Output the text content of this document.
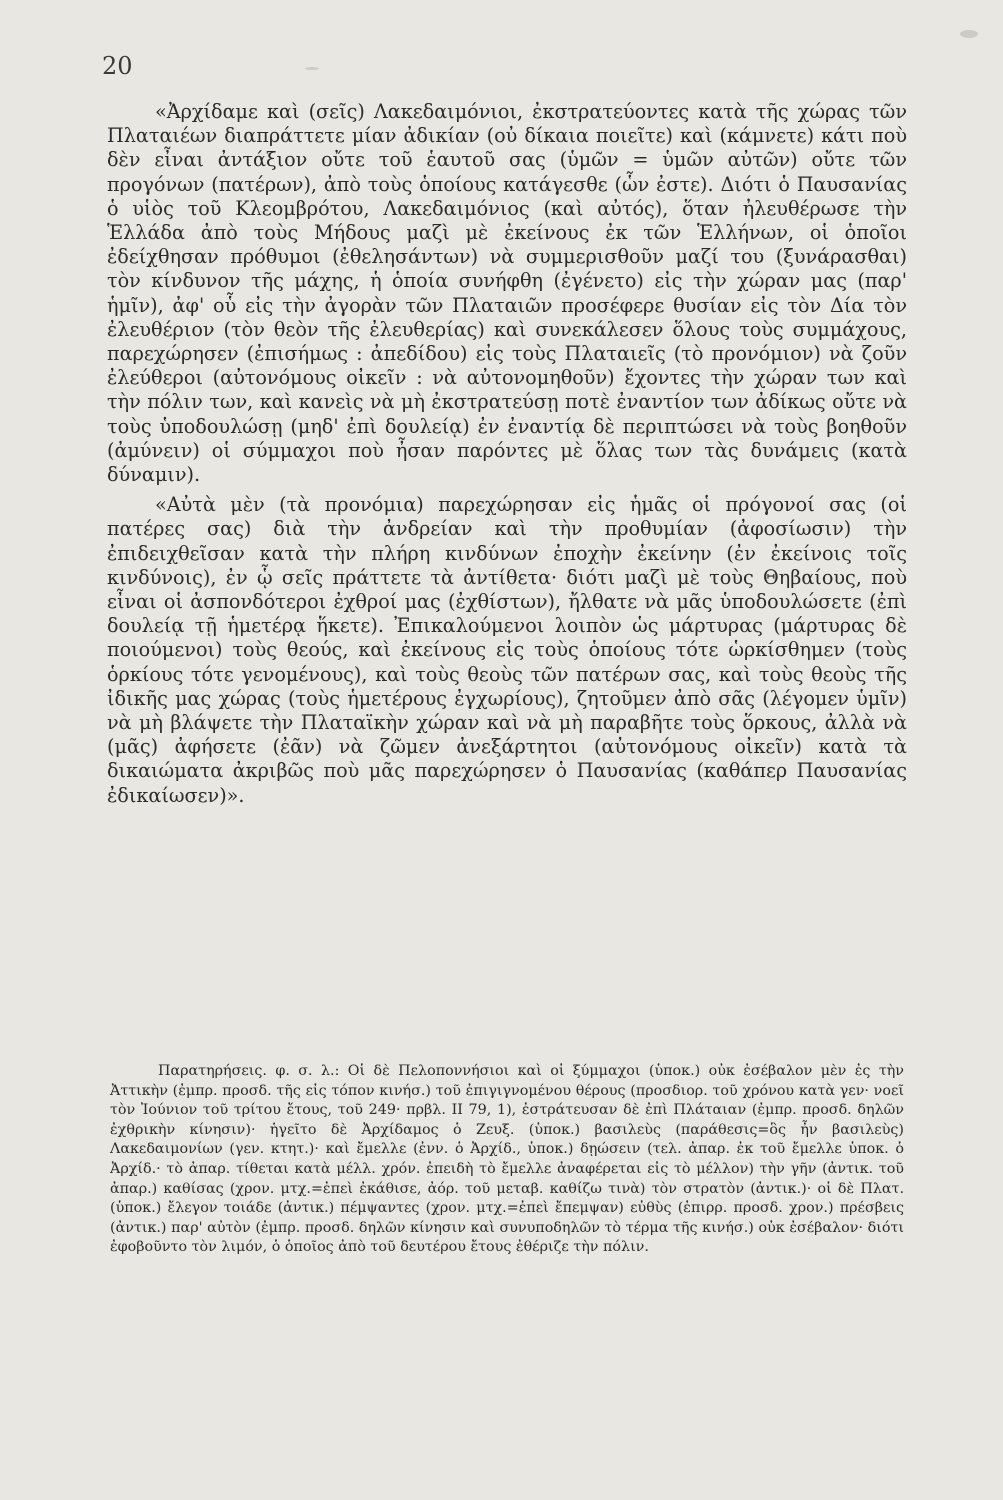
20

«Ἀρχίδαμε καὶ (σεῖς) Λακεδαιμόνιοι, ἐκστρατεύοντες κατὰ τῆς χώρας τῶν Πλαταιέων διαπράττετε μίαν ἀδικίαν (οὐ δίκαια ποιεῖτε) καὶ (κάμνετε) κάτι ποὺ δὲν εἶναι ἀντάξιον οὔτε τοῦ ἑαυτοῦ σας (ὑμῶν = ὑμῶν αὐτῶν) οὔτε τῶν προγόνων (πατέρων), ἀπὸ τοὺς ὁποίους κατάγεσθε (ὧν ἐστε). Διότι ὁ Παυσανίας ὁ υἱὸς τοῦ Κλεομβρότου, Λακεδαιμόνιος (καὶ αὐτός), ὅταν ἠλευθέρωσε τὴν Ἑλλάδα ἀπὸ τοὺς Μήδους μαζὶ μὲ ἐκείνους ἐκ τῶν Ἑλλήνων, οἱ ὁποῖοι ἐδείχθησαν πρόθυμοι (ἐθελησάντων) νὰ συμμερισθοῦν μαζί του (ξυνάρασθαι) τὸν κίνδυνον τῆς μάχης, ἡ ὁποία συνήφθη (ἐγένετο) εἰς τὴν χώραν μας (παρ' ἡμῖν), ἀφ' οὗ εἰς τὴν ἀγορὰν τῶν Πλαταιῶν προσέφερε θυσίαν εἰς τὸν Δία τὸν ἐλευθέριον (τὸν θεὸν τῆς ἐλευθερίας) καὶ συνεκάλεσεν ὅλους τοὺς συμμάχους, παρεχώρησεν (ἐπισήμως : ἀπεδίδου) εἰς τοὺς Πλαταιεῖς (τὸ προνόμιον) νὰ ζοῦν ἐλεύθεροι (αὐτονόμους οἰκεῖν : νὰ αὐτονομηθοῦν) ἔχοντες τὴν χώραν των καὶ τὴν πόλιν των, καὶ κανεὶς νὰ μὴ ἐκστρατεύσῃ ποτὲ ἐναντίον των ἀδίκως οὔτε νὰ τοὺς ὑποδουλώσῃ (μηδ' ἐπὶ δουλείᾳ) ἐν ἐναντίᾳ δὲ περιπτώσει νὰ τοὺς βοηθοῦν (ἀμύνειν) οἱ σύμμαχοι ποὺ ἦσαν παρόντες μὲ ὅλας των τὰς δυνάμεις (κατὰ δύναμιν).

«Αὐτὰ μὲν (τὰ προνόμια) παρεχώρησαν εἰς ἡμᾶς οἱ πρόγονοί σας (οἱ πατέρες σας) διὰ τὴν ἀνδρείαν καὶ τὴν προθυμίαν (ἀφοσίωσιν) τὴν ἐπιδειχθεῖσαν κατὰ τὴν πλήρη κινδύνων ἐποχὴν ἐκείνην (ἐν ἐκείνοις τοῖς κινδύνοις), ἐν ᾧ σεῖς πράττετε τὰ ἀντίθετα· διότι μαζὶ μὲ τοὺς Θηβαίους, ποὺ εἶναι οἱ ἀσπονδότεροι ἐχθροί μας (ἐχθίστων), ἤλθατε νὰ μᾶς ὑποδουλώσετε (ἐπὶ δουλείᾳ τῇ ἡμετέρᾳ ἥκετε). Ἐπικαλούμενοι λοιπὸν ὡς μάρτυρας (μάρτυρας δὲ ποιούμενοι) τοὺς θεούς, καὶ ἐκείνους εἰς τοὺς ὁποίους τότε ὡρκίσθημεν (τοὺς ὁρκίους τότε γενομένους), καὶ τοὺς θεοὺς τῶν πατέρων σας, καὶ τοὺς θεοὺς τῆς ἰδικῆς μας χώρας (τοὺς ἡμετέρους ἐγχωρίους), ζητοῦμεν ἀπὸ σᾶς (λέγομεν ὑμῖν) νὰ μὴ βλάψετε τὴν Πλαταϊκὴν χώραν καὶ νὰ μὴ παραβῆτε τοὺς ὅρκους, ἀλλὰ νὰ (μᾶς) ἀφήσετε (ἐᾶν) νὰ ζῶμεν ἀνεξάρτητοι (αὐτονόμους οἰκεῖν) κατὰ τὰ δικαιώματα ἀκριβῶς ποὺ μᾶς παρεχώρησεν ὁ Παυσανίας (καθάπερ Παυσανίας ἐδικαίωσεν)».

Παρατηρήσεις. φ. σ. λ.: Οἱ δὲ Πελοποννήσιοι καὶ οἱ ξύμμαχοι (ὑποκ.) οὐκ ἐσέβαλον μὲν ἐς τὴν Ἀττικὴν (ἐμπρ. προσδ. τῆς εἰς τόπον κινήσ.) τοῦ ἐπιγιγνομένου θέρους (προσδιορ. τοῦ χρόνου κατὰ γεν· νοεῖ τὸν Ἰούνιον τοῦ τρίτου ἔτους, τοῦ 249· πρβλ. II 79, 1), ἐστράτευσαν δὲ ἐπὶ Πλάταιαν (ἐμπρ. προσδ. δηλῶν ἐχθρικὴν κίνησιν)· ἡγεῖτο δὲ Ἀρχίδαμος ὁ Ζευξ. (ὑποκ.) βασιλεὺς (παράθεσις=ὃς ἦν βασιλεὺς) Λακεδαιμονίων (γεν. κτητ.)· καὶ ἔμελλε (ἐνν. ὁ Ἀρχίδ., ὑποκ.) δῃώσειν (τελ. ἀπαρ. ἐκ τοῦ ἔμελλε ὑποκ. ὁ Ἀρχίδ.· τὸ ἀπαρ. τίθεται κατὰ μέλλ. χρόν. ἐπειδὴ τὸ ἔμελλε ἀναφέρεται εἰς τὸ μέλλον) τὴν γῆν (ἀντικ. τοῦ ἀπαρ.) καθίσας (χρον. μτχ.=ἐπεὶ ἐκάθισε, ἀόρ. τοῦ μεταβ. καθίζω τινὰ) τὸν στρατὸν (ἀντικ.)· οἱ δὲ Πλατ. (ὑποκ.) ἔλεγον τοιάδε (ἀντικ.) πέμψαντες (χρον. μτχ.=ἐπεὶ ἔπεμψαν) εὐθὺς (ἐπιρρ. προσδ. χρον.) πρέσβεις (ἀντικ.) παρ' αὐτὸν (ἐμπρ. προσδ. δηλῶν κίνησιν καὶ συνυποδηλῶν τὸ τέρμα τῆς κινήσ.) οὐκ ἐσέβαλον· διότι ἐφοβοῦντο τὸν λιμόν, ὁ ὁποῖος ἀπὸ τοῦ δευτέρου ἔτους ἐθέριζε τὴν πόλιν.
